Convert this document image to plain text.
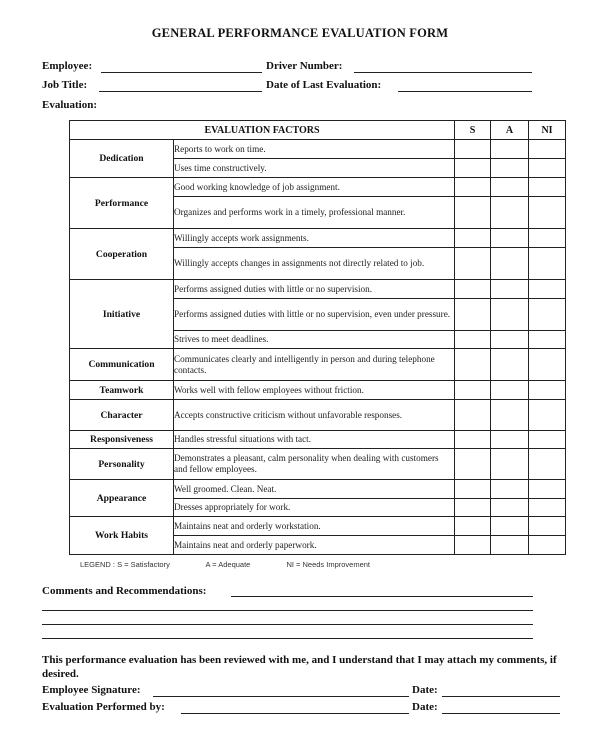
GENERAL PERFORMANCE EVALUATION FORM
Employee:	Driver Number:
Job Title:	Date of Last Evaluation:
Evaluation:
EVALUATION FACTORS		S	A	NI
Dedication	Reports to work on time.			
	Uses time constructively.			
Performance	Good working knowledge of job assignment.			
	Organizes and performs work in a timely, professional manner.			
Cooperation	Willingly accepts work assignments.			
	Willingly accepts changes in assignments not directly related to job.			
Initiative	Performs assigned duties with little or no supervision.			
	Performs assigned duties with little or no supervision, even under pressure.			
	Strives to meet deadlines.			
Communication	Communicates clearly and intelligently in person and during telephone contacts.			
Teamwork	Works well with fellow employees without friction.			
Character	Accepts constructive criticism without unfavorable responses.			
Responsiveness	Handles stressful situations with tact.			
Personality	Demonstrates a pleasant, calm personality when dealing with customers and fellow employees.			
Appearance	Well groomed. Clean. Neat.			
	Dresses appropriately for work.			
Work Habits	Maintains neat and orderly workstation.			
	Maintains neat and orderly paperwork.			
LEGEND : S = Satisfactory	A = Adequate	NI = Needs Improvement
Comments and Recommendations:
This performance evaluation has been reviewed with me, and I understand that I may attach my comments, if desired.
Employee Signature:	Date:
Evaluation Performed by:	Date:
